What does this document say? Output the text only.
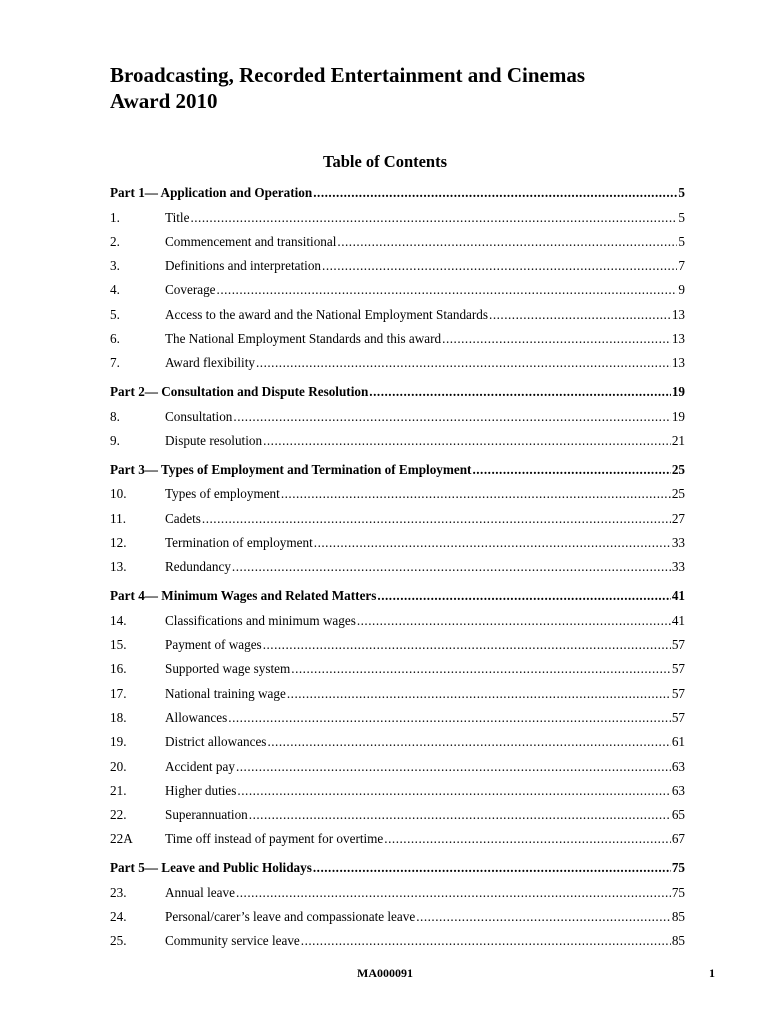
Broadcasting, Recorded Entertainment and Cinemas
Award 2010
Table of Contents
Part 1— Application and Operation .....	5
1.	Title .....	5
2.	Commencement and transitional .....	5
3.	Definitions and interpretation .....	7
4.	Coverage .....	9
5.	Access to the award and the National Employment Standards .....	13
6.	The National Employment Standards and this award .....	13
7.	Award flexibility .....	13
Part 2— Consultation and Dispute Resolution .....	19
8.	Consultation .....	19
9.	Dispute resolution .....	21
Part 3— Types of Employment and Termination of Employment .....	25
10.	Types of employment .....	25
11.	Cadets .....	27
12.	Termination of employment .....	33
13.	Redundancy .....	33
Part 4— Minimum Wages and Related Matters .....	41
14.	Classifications and minimum wages .....	41
15.	Payment of wages .....	57
16.	Supported wage system .....	57
17.	National training wage .....	57
18.	Allowances .....	57
19.	District allowances .....	61
20.	Accident pay .....	63
21.	Higher duties .....	63
22.	Superannuation .....	65
22A	Time off instead of payment for overtime .....	67
Part 5— Leave and Public Holidays .....	75
23.	Annual leave .....	75
24.	Personal/carer’s leave and compassionate leave .....	85
25.	Community service leave .....	85
MA000091	1
